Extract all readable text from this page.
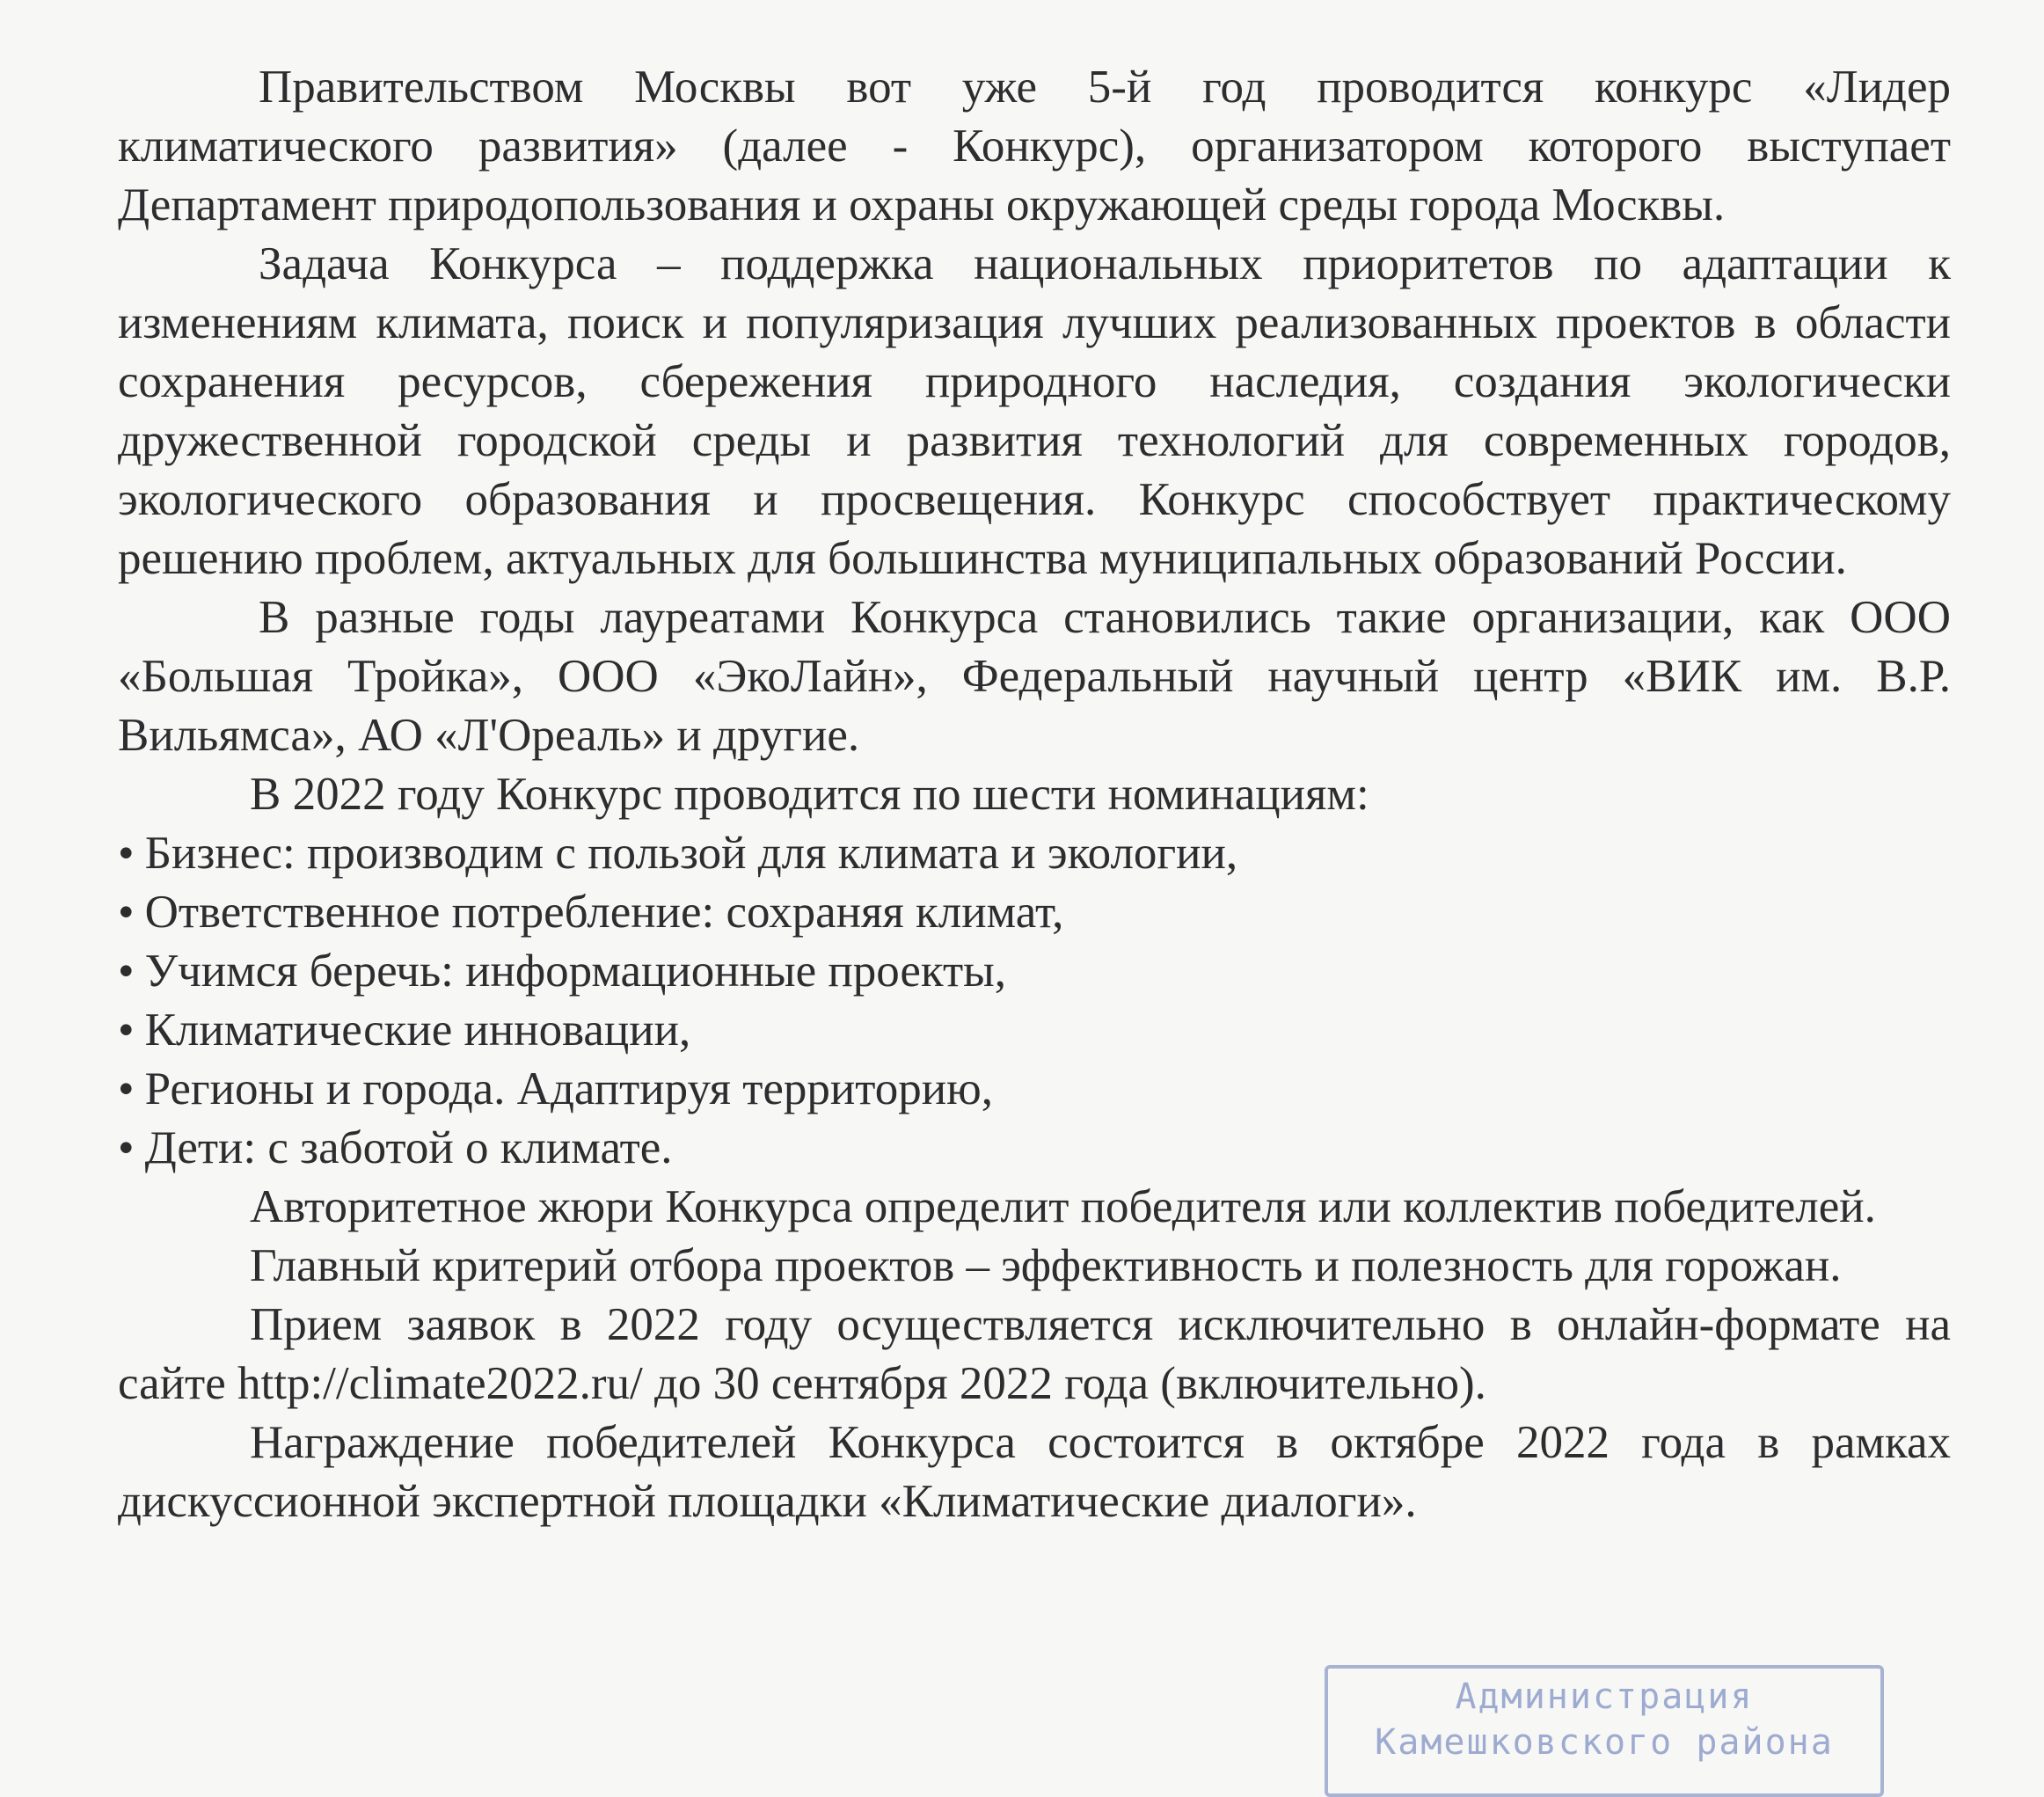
Правительством Москвы вот уже 5-й год проводится конкурс «Лидер климатического развития» (далее - Конкурс), организатором которого выступает Департамент природопользования и охраны окружающей среды города Москвы.

Задача Конкурса – поддержка национальных приоритетов по адаптации к изменениям климата, поиск и популяризация лучших реализованных проектов в области сохранения ресурсов, сбережения природного наследия, создания экологически дружественной городской среды и развития технологий для современных городов, экологического образования и просвещения. Конкурс способствует практическому решению проблем, актуальных для большинства муниципальных образований России.

В разные годы лауреатами Конкурса становились такие организации, как ООО «Большая Тройка», ООО «ЭкоЛайн», Федеральный научный центр «ВИК им. В.Р. Вильямса», АО «Л'Ореаль» и другие.

В 2022 году Конкурс проводится по шести номинациям:

• Бизнес: производим с пользой для климата и экологии,
• Ответственное потребление: сохраняя климат,
• Учимся беречь: информационные проекты,
• Климатические инновации,
• Регионы и города. Адаптируя территорию,
• Дети: с заботой о климате.

Авторитетное жюри Конкурса определит победителя или коллектив победителей.

Главный критерий отбора проектов – эффективность и полезность для горожан.

Прием заявок в 2022 году осуществляется исключительно в онлайн-формате на сайте http://climate2022.ru/ до 30 сентября 2022 года (включительно).

Награждение победителей Конкурса состоится в октябре 2022 года в рамках дискуссионной экспертной площадки «Климатические диалоги».

Администрация
Камешковского района
